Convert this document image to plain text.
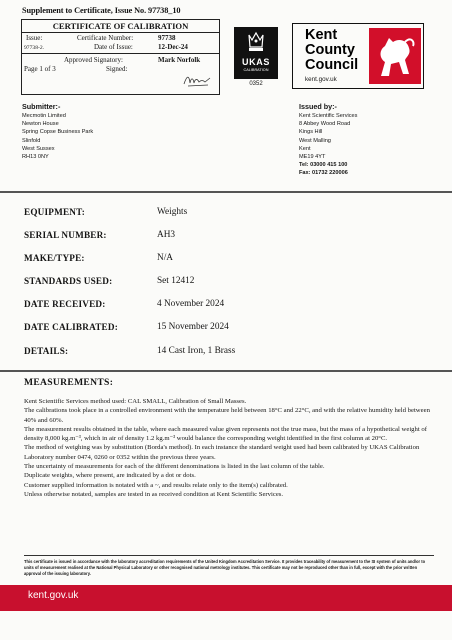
Supplement to Certificate, Issue No. 97738_10
CERTIFICATE OF CALIBRATION
Issue:	Certificate Number:	97738
97738-2.	Date of Issue:	12-Dec-24
Approved Signatory:	Mark Norfolk
Page 1 of 3	Signed:
UKAS
CALIBRATION
0352
Kent
County
Council
kent.gov.uk
Submitter:-
Mecmotin Limited
Newton House
Spring Copse Business Park
Slinfold
West Sussex
RH13 0NY
Issued by:-
Kent Scientific Services
8 Abbey Wood Road
Kings Hill
West Malling
Kent
ME19 4YT
Tel: 03000 415 100
Fax: 01732 220006
EQUIPMENT:	Weights
SERIAL NUMBER:	AH3
MAKE/TYPE:	N/A
STANDARDS USED:	Set 12412
DATE RECEIVED:	4 November 2024
DATE CALIBRATED:	15 November 2024
DETAILS:	14 Cast Iron, 1 Brass
MEASUREMENTS:

Kent Scientific Services method used: CAL SMALL, Calibration of Small Masses.

The calibrations took place in a controlled environment with the temperature held between 18°C and 22°C, and with the relative humidity held between 40% and 60%.

The measurement results obtained in the table, where each measured value given represents not the true mass, but the mass of a hypothetical weight of density 8,000 kg.m⁻³, which in air of density 1.2 kg.m⁻³ would balance the corresponding weight identified in the first column at 20°C.

The method of weighing was by substitution (Borda's method). In each instance the standard weight used had been calibrated by UKAS Calibration Laboratory number 0474, 0260 or 0352 within the previous three years.

The uncertainty of measurements for each of the different denominations is listed in the last column of the table.

Duplicate weights, where present, are indicated by a dot or dots.

Customer supplied information is notated with a ~, and results relate only to the item(s) calibrated.

Unless otherwise notated, samples are tested in as received condition at Kent Scientific Services.

This certificate is issued in accordance with the laboratory accreditation requirements of the United Kingdom Accreditation Service. It provides traceability of measurement to the SI system of units and/or to units of measurement realised at the National Physical Laboratory or other recognised national metrology institutes. This certificate may not be reproduced other than in full, except with the prior written approval of the issuing laboratory.
kent.gov.uk
